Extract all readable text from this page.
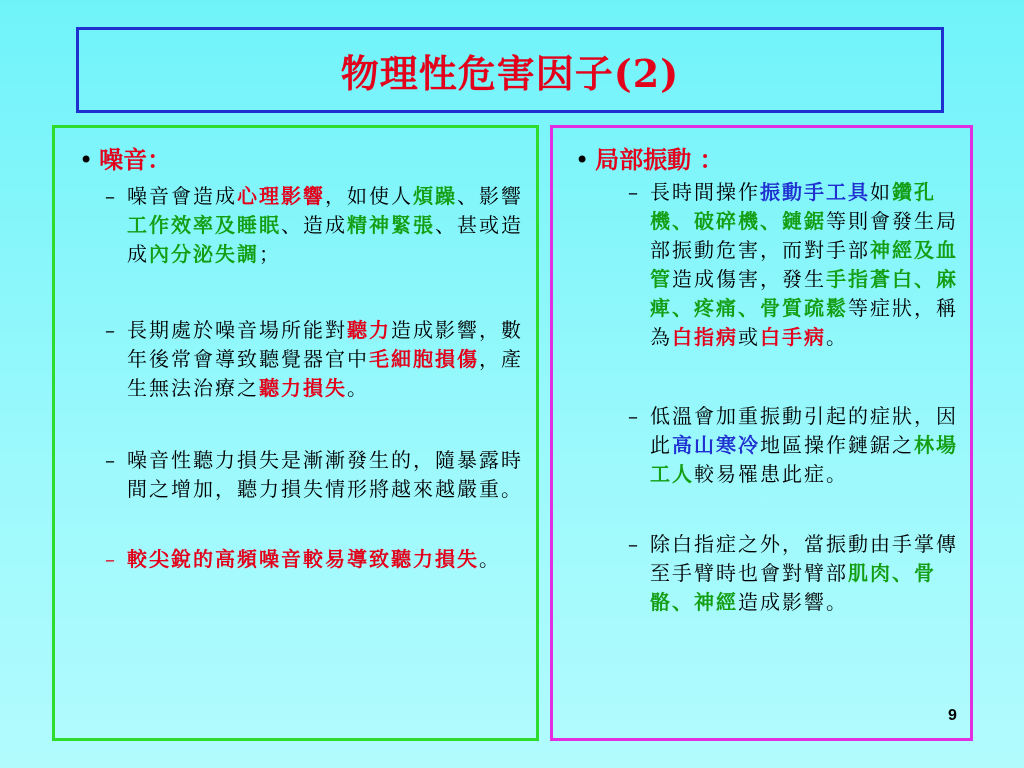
物理性危害因子(2)
• 噪音：
– 噪音會造成心理影響，如使人煩躁、影響工作效率及睡眠、造成精神緊張、甚或造成內分泌失調；
– 長期處於噪音場所能對聽力造成影響，數年後常會導致聽覺器官中毛細胞損傷，產生無法治療之聽力損失。
– 噪音性聽力損失是漸漸發生的，隨暴露時間之增加，聽力損失情形將越來越嚴重。
– 較尖銳的高頻噪音較易導致聽力損失。
• 局部振動 ：
– 長時間操作振動手工具如鑽孔機、破碎機、鏈鋸等則會發生局部振動危害，而對手部神經及血管造成傷害，發生手指蒼白、麻痺、疼痛、骨質疏鬆等症狀，稱為白指病或白手病。
– 低溫會加重振動引起的症狀，因此高山寒冷地區操作鏈鋸之林場工人較易罹患此症。
– 除白指症之外，當振動由手掌傳至手臂時也會對臂部肌肉、骨骼、神經造成影響。
9
